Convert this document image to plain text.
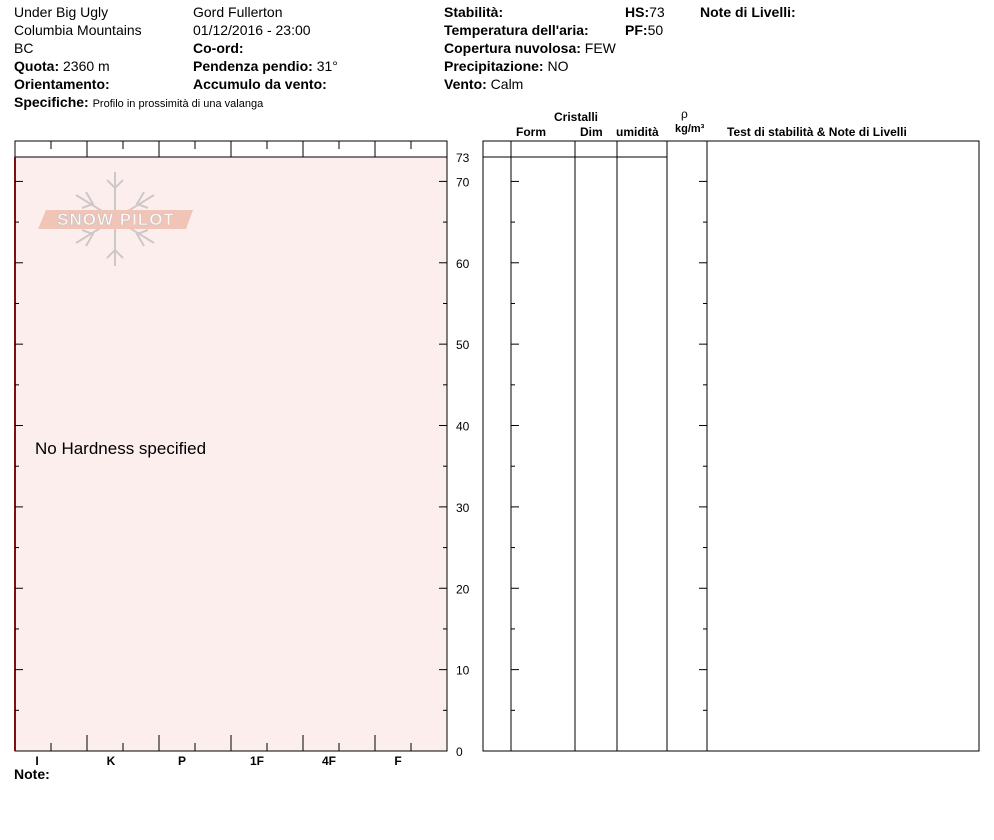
Under Big Ugly
Columbia Mountains
BC
Quota: 2360 m
Orientamento:
Specifiche: Profilo in prossimità di una valanga
Gord Fullerton
01/12/2016 - 23:00
Co-ord:
Pendenza pendio: 31°
Accumulo da vento:
Stabilità:
Temperatura dell'aria:
Copertura nuvolosa: FEW
Precipitazione: NO
Vento: Calm
HS:73
PF:50
Note di Livelli:
Cristalli
Form	Dim umidità
ρ
kg/m³ Test di stabilità & Note di Livelli
SNOW PILOT
No Hardness specified
0
10
20
30
40
50
60
70
73
I	K	P	1F	4F	F
Note:
